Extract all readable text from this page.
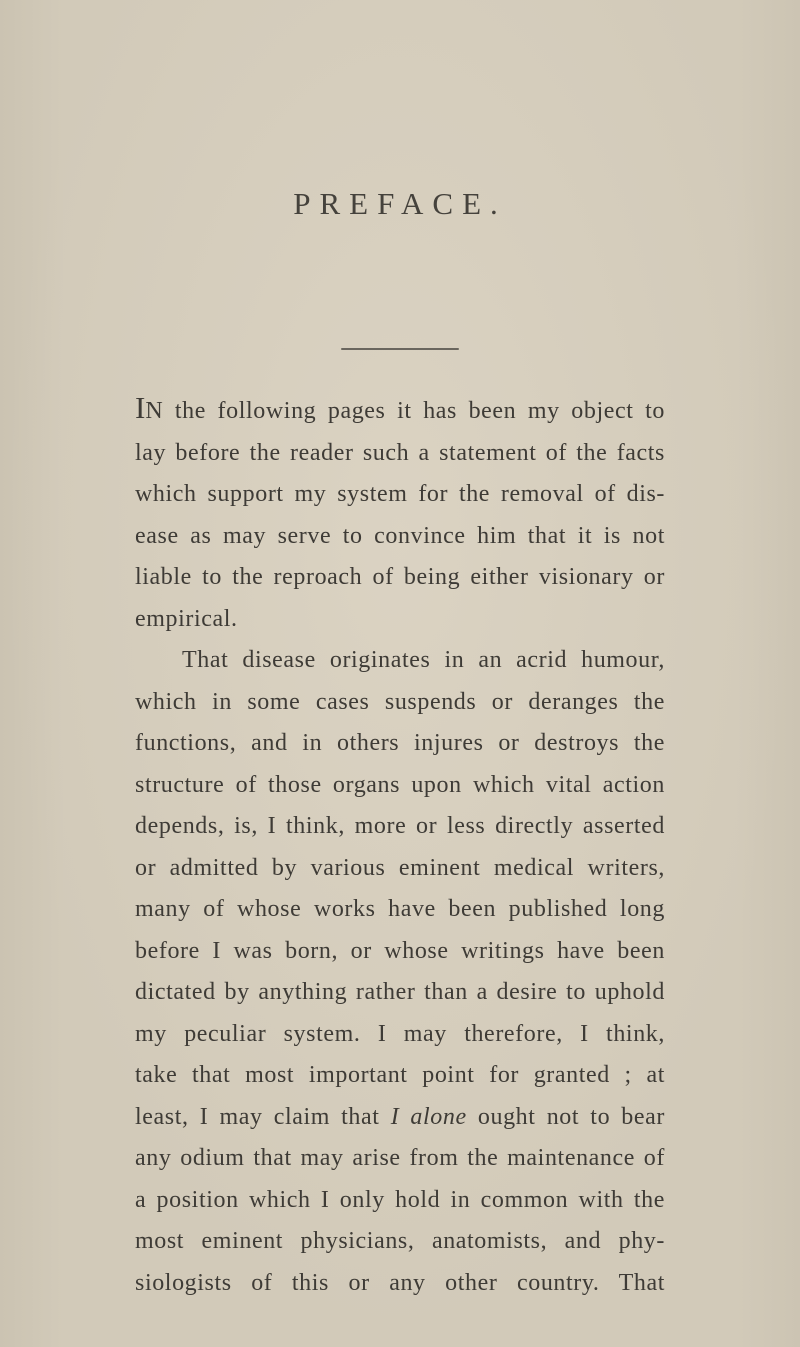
PREFACE.

IN the following pages it has been my object to
lay before the reader such a statement of the facts
which support my system for the removal of dis-
ease as may serve to convince him that it is not
liable to the reproach of being either visionary or
empirical.

That disease originates in an acrid humour,
which in some cases suspends or deranges the
functions, and in others injures or destroys the
structure of those organs upon which vital action
depends, is, I think, more or less directly asserted
or admitted by various eminent medical writers,
many of whose works have been published long
before I was born, or whose writings have been
dictated by anything rather than a desire to uphold
my peculiar system. I may therefore, I think,
take that most important point for granted ; at
least, I may claim that I alone ought not to bear
any odium that may arise from the maintenance of
a position which I only hold in common with the
most eminent physicians, anatomists, and phy-
siologists of this or any other country. That
